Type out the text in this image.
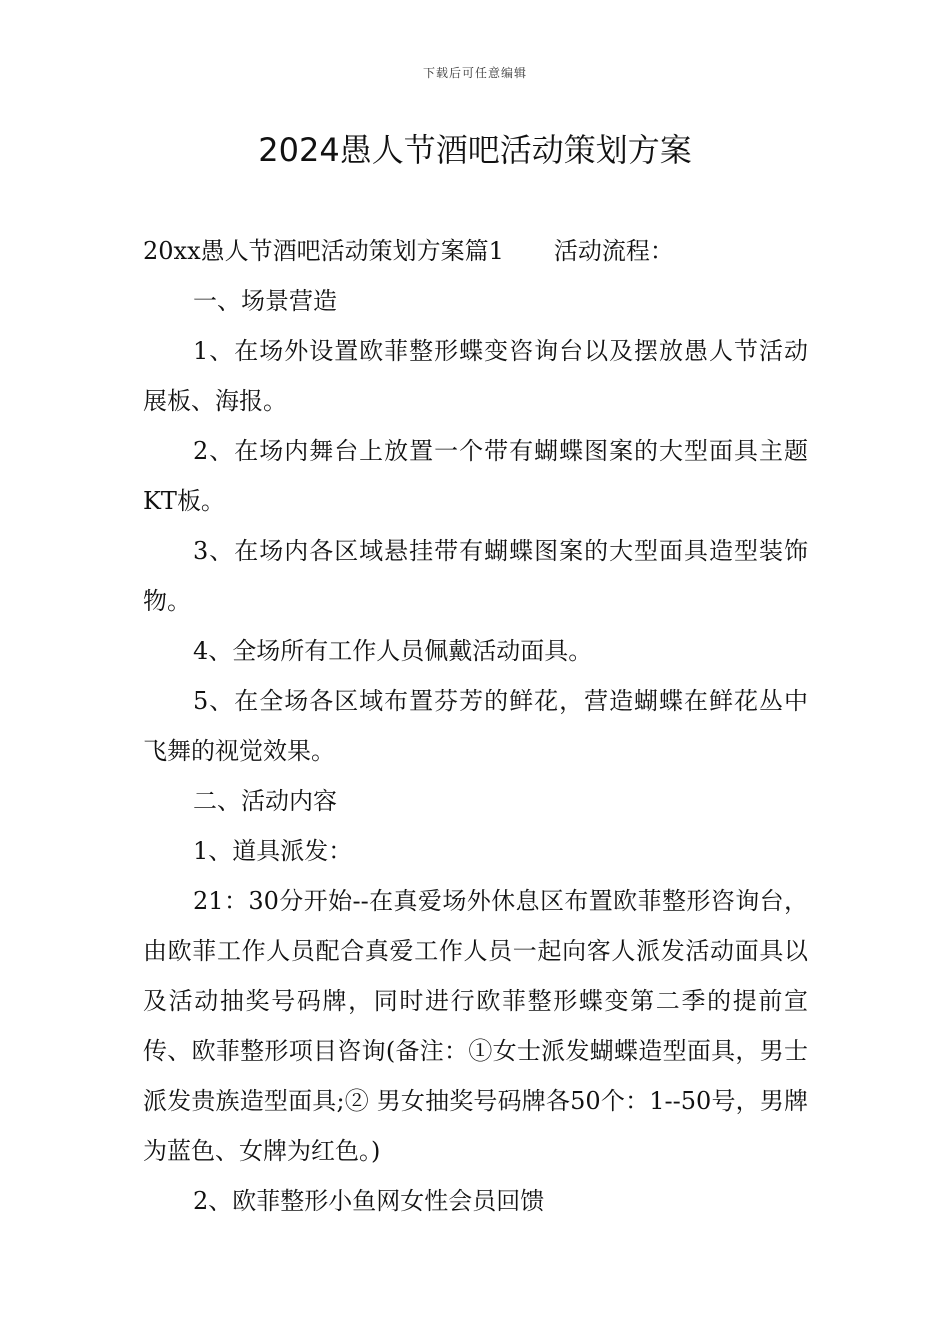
下载后可任意编辑
2024愚人节酒吧活动策划方案

20xx愚人节酒吧活动策划方案篇1 活动流程：

一、场景营造

1、在场外设置欧菲整形蝶变咨询台以及摆放愚人节活动展板、海报。

2、在场内舞台上放置一个带有蝴蝶图案的大型面具主题KT板。

3、在场内各区域悬挂带有蝴蝶图案的大型面具造型装饰物。

4、全场所有工作人员佩戴活动面具。

5、在全场各区域布置芬芳的鲜花，营造蝴蝶在鲜花丛中飞舞的视觉效果。

二、活动内容

1、道具派发：

21：30分开始--在真爱场外休息区布置欧菲整形咨询台，由欧菲工作人员配合真爱工作人员一起向客人派发活动面具以及活动抽奖号码牌，同时进行欧菲整形蝶变第二季的提前宣传、欧菲整形项目咨询(备注：①女士派发蝴蝶造型面具，男士派发贵族造型面具;② 男女抽奖号码牌各50个：1--50号，男牌为蓝色、女牌为红色。)

2、欧菲整形小鱼网女性会员回馈
